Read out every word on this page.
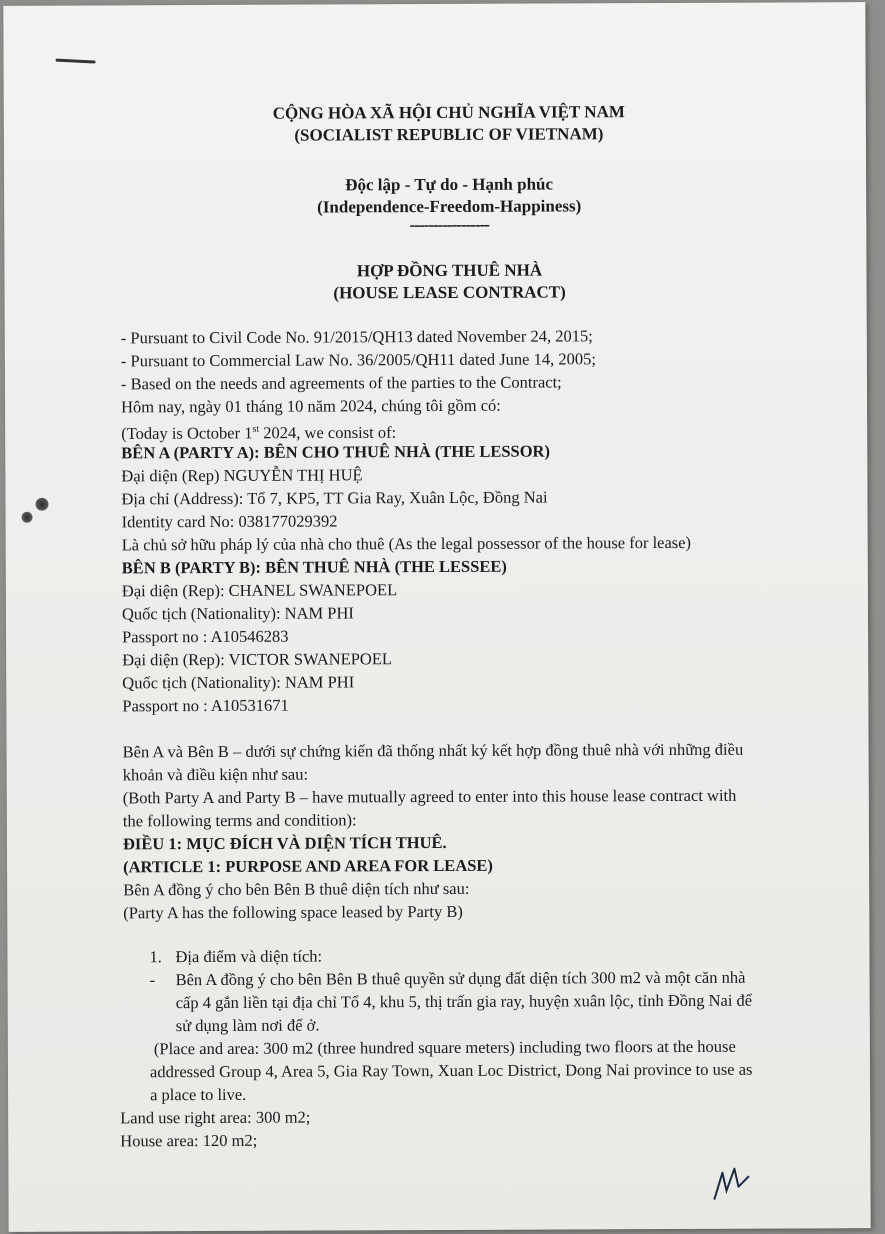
CỘNG HÒA XÃ HỘI CHỦ NGHĨA VIỆT NAM
(SOCIALIST REPUBLIC OF VIETNAM)
Độc lập - Tự do - Hạnh phúc
(Independence-Freedom-Happiness)
-----------------
HỢP ĐỒNG THUÊ NHÀ
(HOUSE LEASE CONTRACT)
- Pursuant to Civil Code No. 91/2015/QH13 dated November 24, 2015;
- Pursuant to Commercial Law No. 36/2005/QH11 dated June 14, 2005;
- Based on the needs and agreements of the parties to the Contract;
Hôm nay, ngày 01 tháng 10 năm 2024, chúng tôi gồm có:
(Today is October 1st 2024, we consist of:
BÊN A (PARTY A): BÊN CHO THUÊ NHÀ (THE LESSOR)
Đại diện (Rep) NGUYỄN THỊ HUỆ
Địa chỉ (Address): Tổ 7, KP5, TT Gia Ray, Xuân Lộc, Đồng Nai
Identity card No: 038177029392
Là chủ sở hữu pháp lý của nhà cho thuê (As the legal possessor of the house for lease)
BÊN B (PARTY B): BÊN THUÊ NHÀ (THE LESSEE)
Đại diện (Rep): CHANEL SWANEPOEL
Quốc tịch (Nationality): NAM PHI
Passport no : A10546283
Đại diện (Rep): VICTOR SWANEPOEL
Quốc tịch (Nationality): NAM PHI
Passport no : A10531671
Bên A và Bên B – dưới sự chứng kiến đã thống nhất ký kết hợp đồng thuê nhà với những điều
khoản và điều kiện như sau:
(Both Party A and Party B – have mutually agreed to enter into this house lease contract with
the following terms and condition):
ĐIỀU 1: MỤC ĐÍCH VÀ DIỆN TÍCH THUÊ.
(ARTICLE 1: PURPOSE AND AREA FOR LEASE)
Bên A đồng ý cho bên Bên B thuê diện tích như sau:
(Party A has the following space leased by Party B)
1. Địa điểm và diện tích:
- Bên A đồng ý cho bên Bên B thuê quyền sử dụng đất diện tích 300 m2 và một căn nhà
cấp 4 gắn liền tại địa chỉ Tổ 4, khu 5, thị trấn gia ray, huyện xuân lộc, tỉnh Đồng Nai để
sử dụng làm nơi để ở.
(Place and area: 300 m2 (three hundred square meters) including two floors at the house
addressed Group 4, Area 5, Gia Ray Town, Xuan Loc District, Dong Nai province to use as
a place to live.
Land use right area: 300 m2;
House area: 120 m2;
